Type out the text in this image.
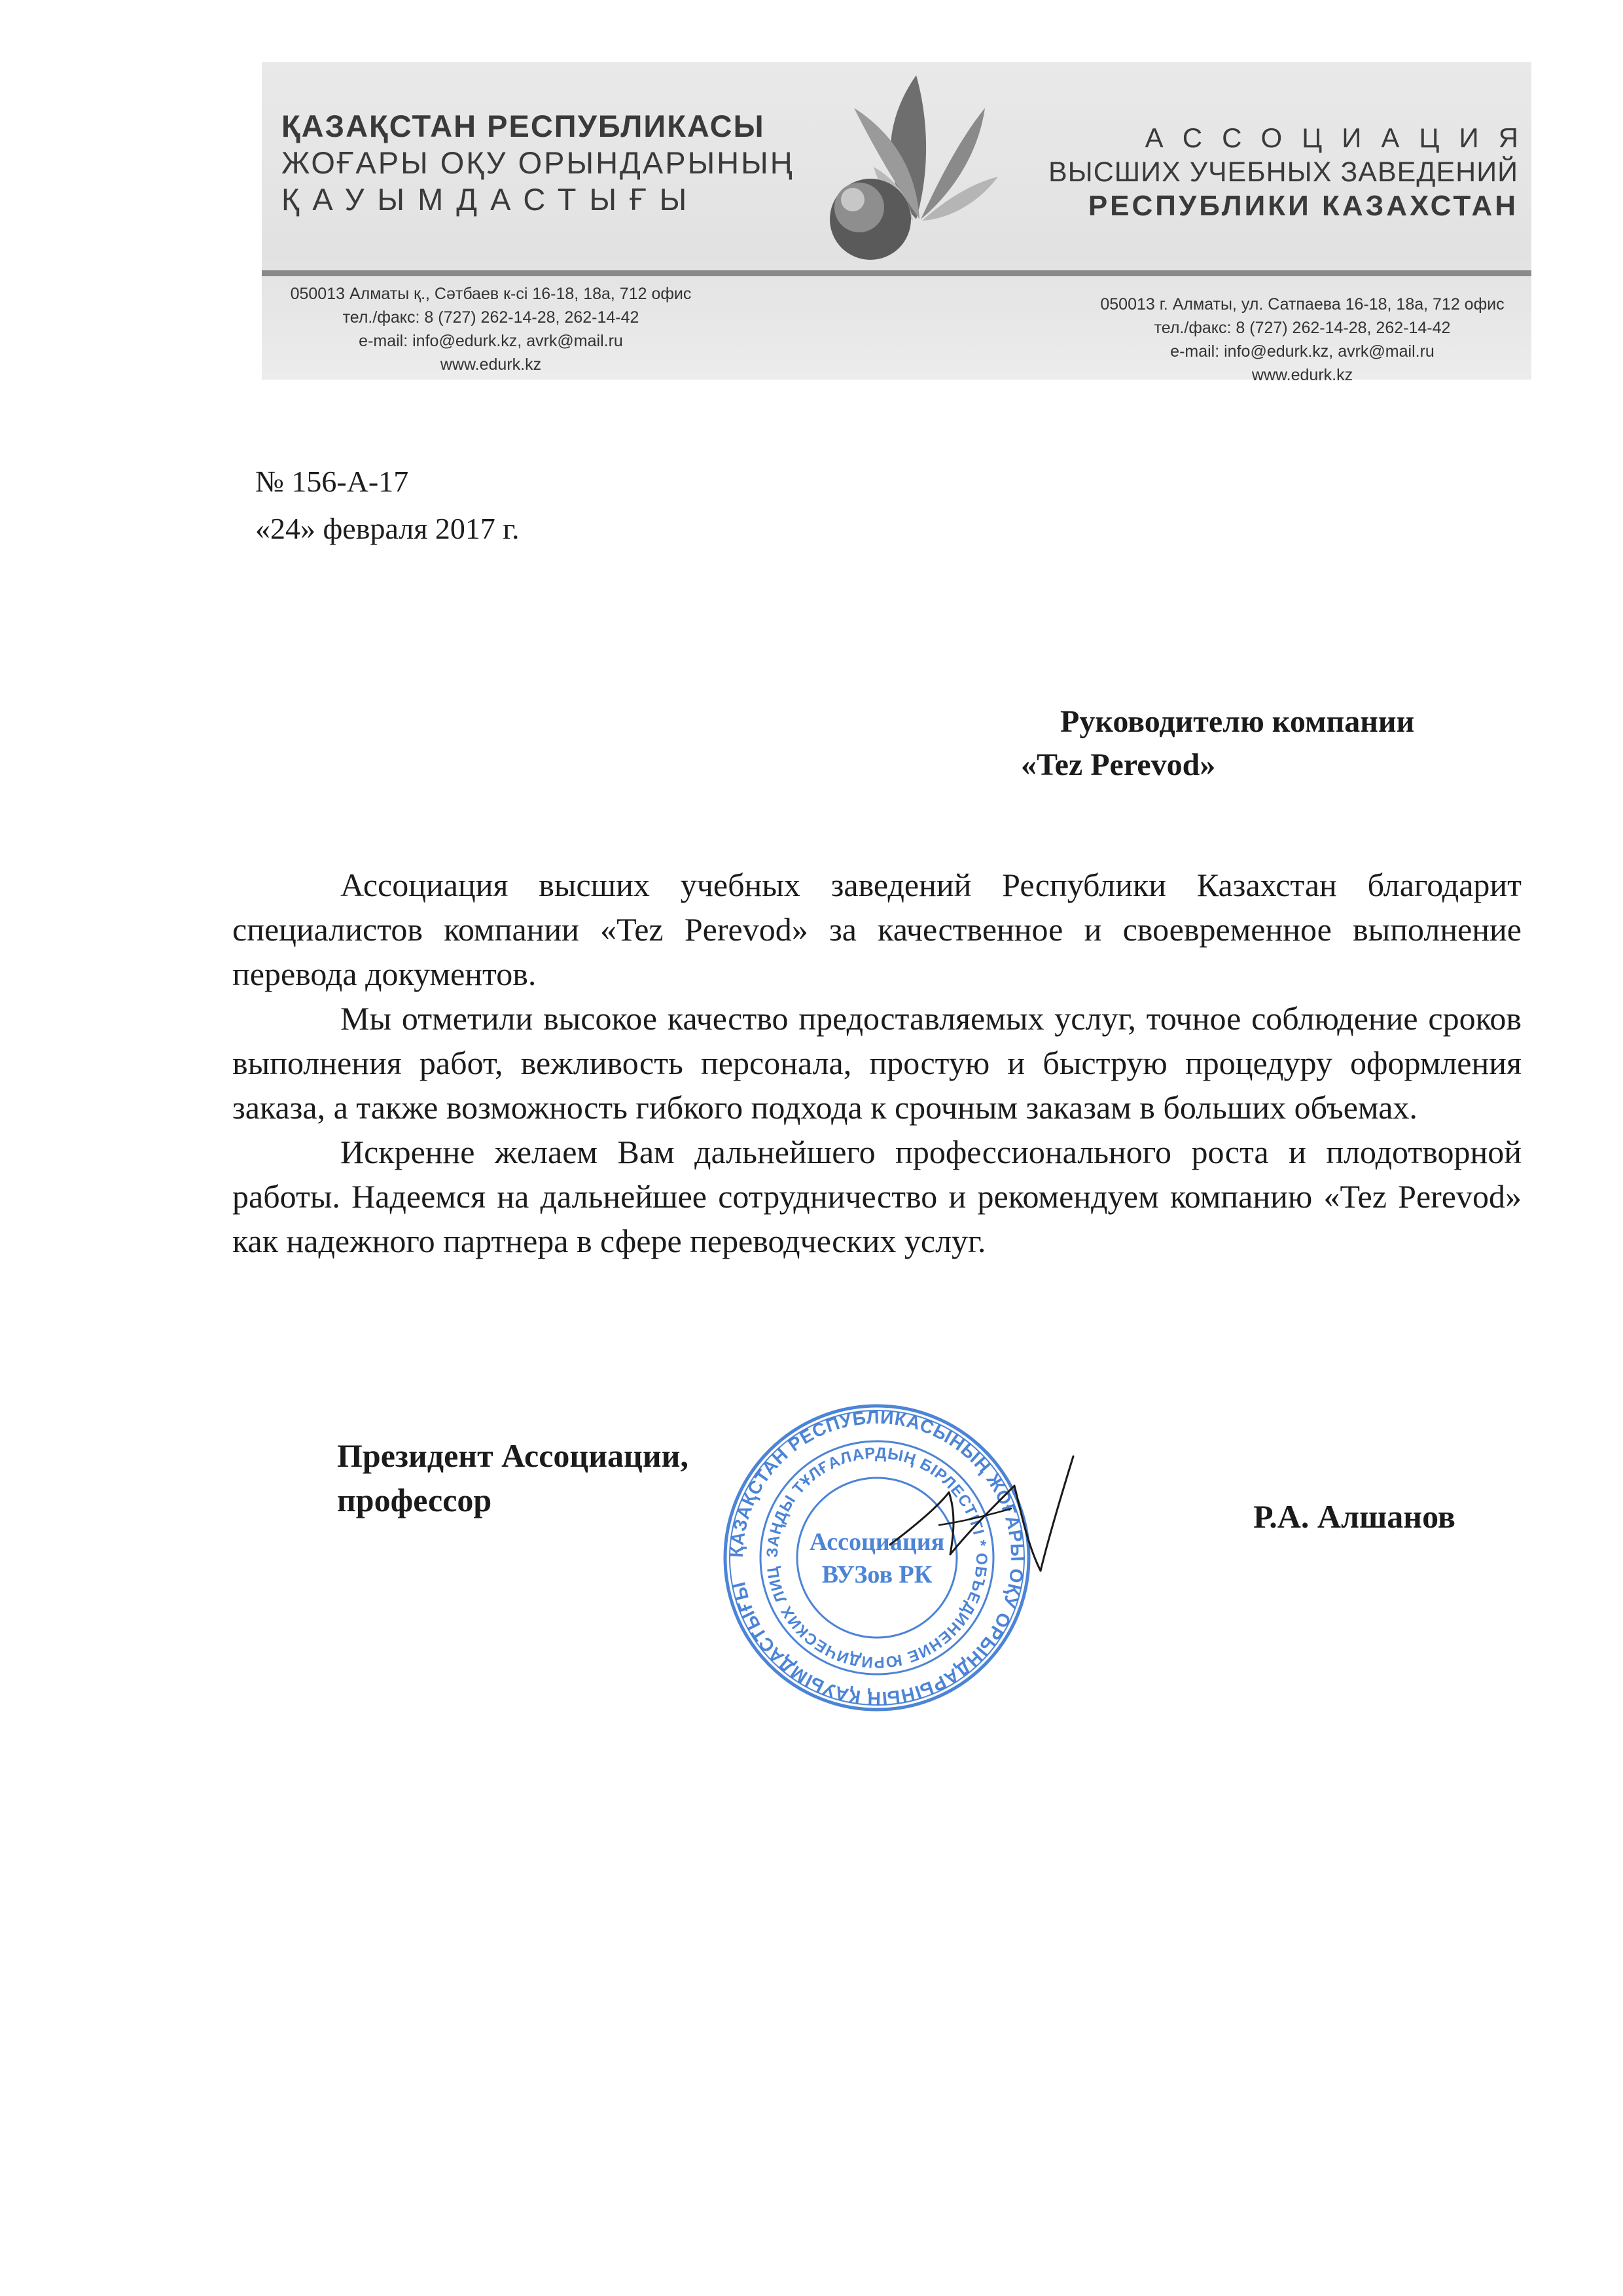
ҚАЗАҚСТАН РЕСПУБЛИКАСЫ
ЖОҒАРЫ ОҚУ ОРЫНДАРЫНЫҢ
ҚАУЫМДАСТЫҒЫ
АССОЦИАЦИЯ
ВЫСШИХ УЧЕБНЫХ ЗАВЕДЕНИЙ
РЕСПУБЛИКИ КАЗАХСТАН
050013 Алматы қ., Сәтбаев к-сі 16-18, 18а, 712 офис
тел./факс: 8 (727) 262-14-28, 262-14-42
e-mail: info@edurk.kz, avrk@mail.ru
www.edurk.kz
050013 г. Алматы, ул. Сатпаева 16-18, 18а, 712 офис
тел./факс: 8 (727) 262-14-28, 262-14-42
e-mail: info@edurk.kz, avrk@mail.ru
www.edurk.kz
№ 156-А-17
«24» февраля 2017 г.
Руководителю компании
«Tez Perevod»

Ассоциация высших учебных заведений Республики Казахстан благодарит специалистов компании «Tez Perevod» за качественное и своевременное выполнение перевода документов.

Мы отметили высокое качество предоставляемых услуг, точное соблюдение сроков выполнения работ, вежливость персонала, простую и быструю процедуру оформления заказа, а также возможность гибкого подхода к срочным заказам в больших объемах.

Искренне желаем Вам дальнейшего профессионального роста и плодотворной работы. Надеемся на дальнейшее сотрудничество и рекомендуем компанию «Tez Perevod» как надежного партнера в сфере переводческих услуг.

Президент Ассоциации,
профессор
ҚАЗАҚСТАН РЕСПУБЛИКАСЫНЫҢ ЖОҒАРЫ ОҚУ ОРЫНДАРЫНЫҢ ҚАУЫМДАСТЫҒЫ
ЗАҢДЫ ТҰЛҒАЛАРДЫҢ БІРЛЕСТІГІ * ОБЪЕДИНЕНИЕ ЮРИДИЧЕСКИХ ЛИЦ
Ассоциация
ВУЗов РК
Р.А. Алшанов
